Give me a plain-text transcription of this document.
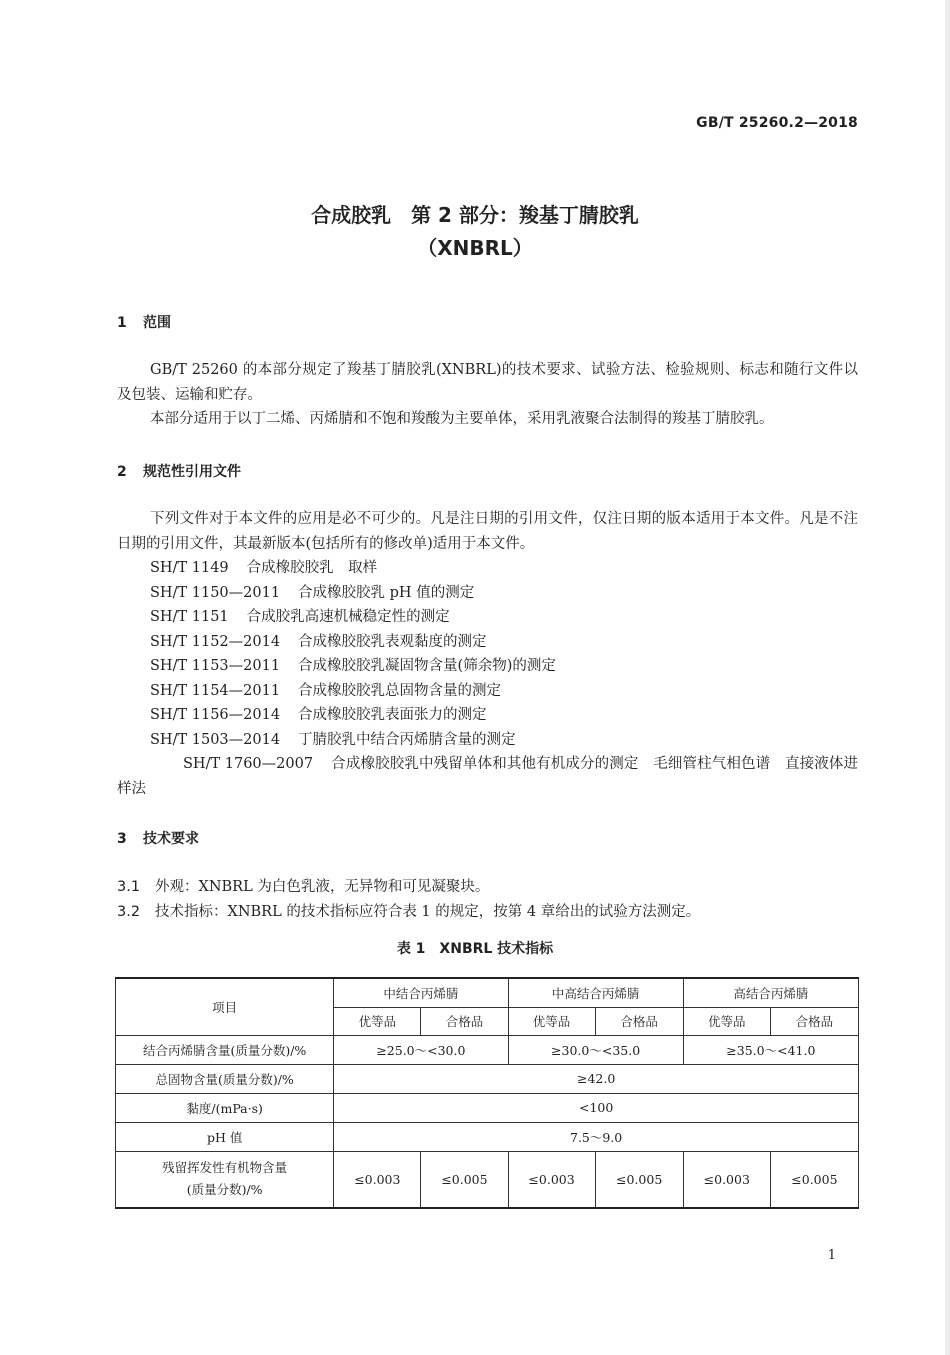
GB/T 25260.2—2018
合成胶乳　第 2 部分：羧基丁腈胶乳
（XNBRL）
1 范围

GB/T 25260 的本部分规定了羧基丁腈胶乳(XNBRL)的技术要求、试验方法、检验规则、标志和随行文件以及包装、运输和贮存。

本部分适用于以丁二烯、丙烯腈和不饱和羧酸为主要单体，采用乳液聚合法制得的羧基丁腈胶乳。

2 规范性引用文件

下列文件对于本文件的应用是必不可少的。凡是注日期的引用文件，仅注日期的版本适用于本文件。凡是不注日期的引用文件，其最新版本(包括所有的修改单)适用于本文件。

SH/T 1149 合成橡胶胶乳　取样
SH/T 1150—2011 合成橡胶胶乳 pH 值的测定
SH/T 1151 合成胶乳高速机械稳定性的测定
SH/T 1152—2014 合成橡胶胶乳表观黏度的测定
SH/T 1153—2011 合成橡胶胶乳凝固物含量(筛余物)的测定
SH/T 1154—2011 合成橡胶胶乳总固物含量的测定
SH/T 1156—2014 合成橡胶胶乳表面张力的测定
SH/T 1503—2014 丁腈胶乳中结合丙烯腈含量的测定
SH/T 1760—2007 合成橡胶胶乳中残留单体和其他有机成分的测定　毛细管柱气相色谱　直接液体进样法
3 技术要求
3.1 外观：XNBRL 为白色乳液，无异物和可见凝聚块。
3.2 技术指标：XNBRL 的技术指标应符合表 1 的规定，按第 4 章给出的试验方法测定。
表 1　XNBRL 技术指标
项目	中结合丙烯腈		中高结合丙烯腈		高结合丙烯腈	
	优等品	合格品	优等品	合格品	优等品	合格品
结合丙烯腈含量(质量分数)/%	≥25.0～<30.0		≥30.0～<35.0		≥35.0～<41.0	
总固物含量(质量分数)/%	≥42.0					
黏度/(mPa·s)	<100					
pH 值	7.5～9.0					

残留挥发性有机物含量
(质量分数)/%	≤0.003	≤0.005	≤0.003	≤0.005	≤0.003	≤0.005
1
